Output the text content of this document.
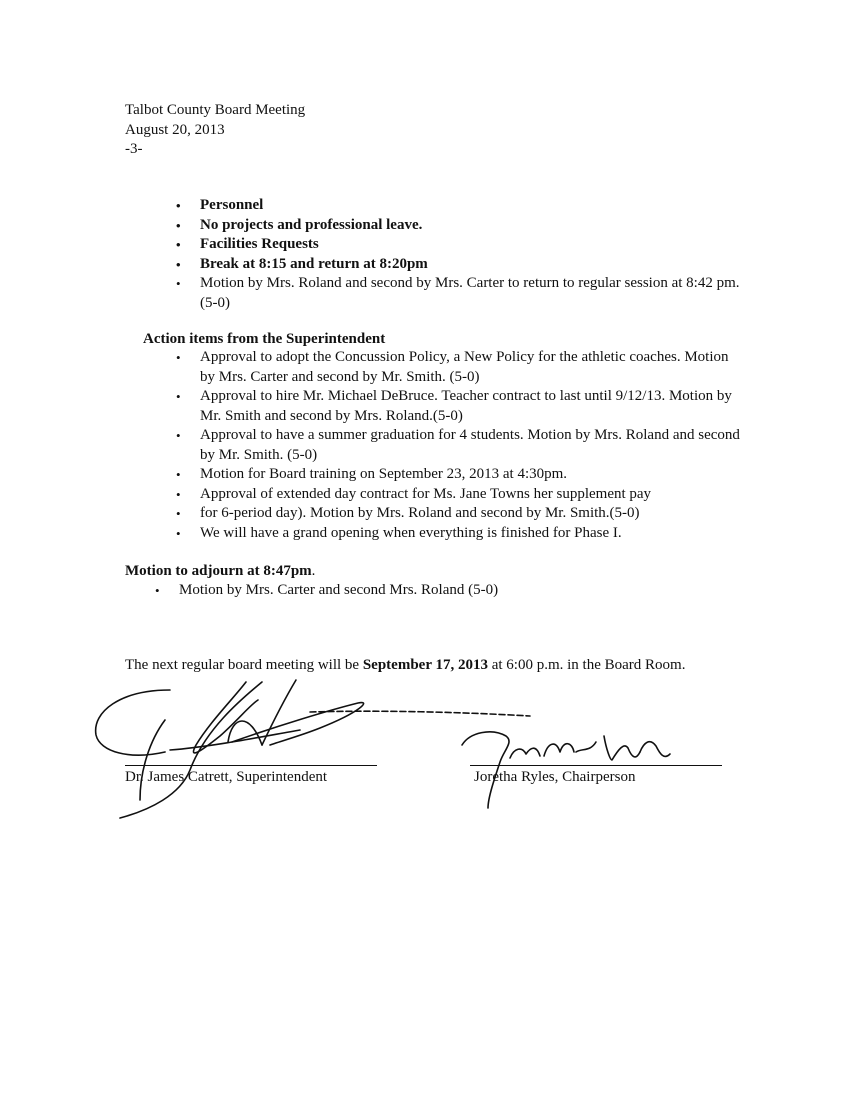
Talbot County Board Meeting
August 20, 2013
-3-
• Personnel
• No projects and professional leave.
• Facilities Requests
• Break at 8:15 and return at 8:20pm
• Motion by Mrs. Roland and second by Mrs. Carter to return to regular session at 8:42 pm. (5-0)
Action items from the Superintendent
• Approval to adopt the Concussion Policy, a New Policy for the athletic coaches. Motion by Mrs. Carter and second by Mr. Smith. (5-0)
• Approval to hire Mr. Michael DeBruce. Teacher contract to last until 9/12/13. Motion by Mr. Smith and second by Mrs. Roland.(5-0)
• Approval to have a summer graduation for 4 students. Motion by Mrs. Roland and second by Mr. Smith. (5-0)
• Motion for Board training on September 23, 2013 at 4:30pm.
• Approval of extended day contract for Ms. Jane Towns her supplement pay
• for 6-period day). Motion by Mrs. Roland and second by Mr. Smith.(5-0)
• We will have a grand opening when everything is finished for Phase I.
Motion to adjourn at 8:47pm.
• Motion by Mrs. Carter and second Mrs. Roland (5-0)
The next regular board meeting will be September 17, 2013 at 6:00 p.m. in the Board Room.
Dr. James Catrett, Superintendent	Joretha Ryles, Chairperson
